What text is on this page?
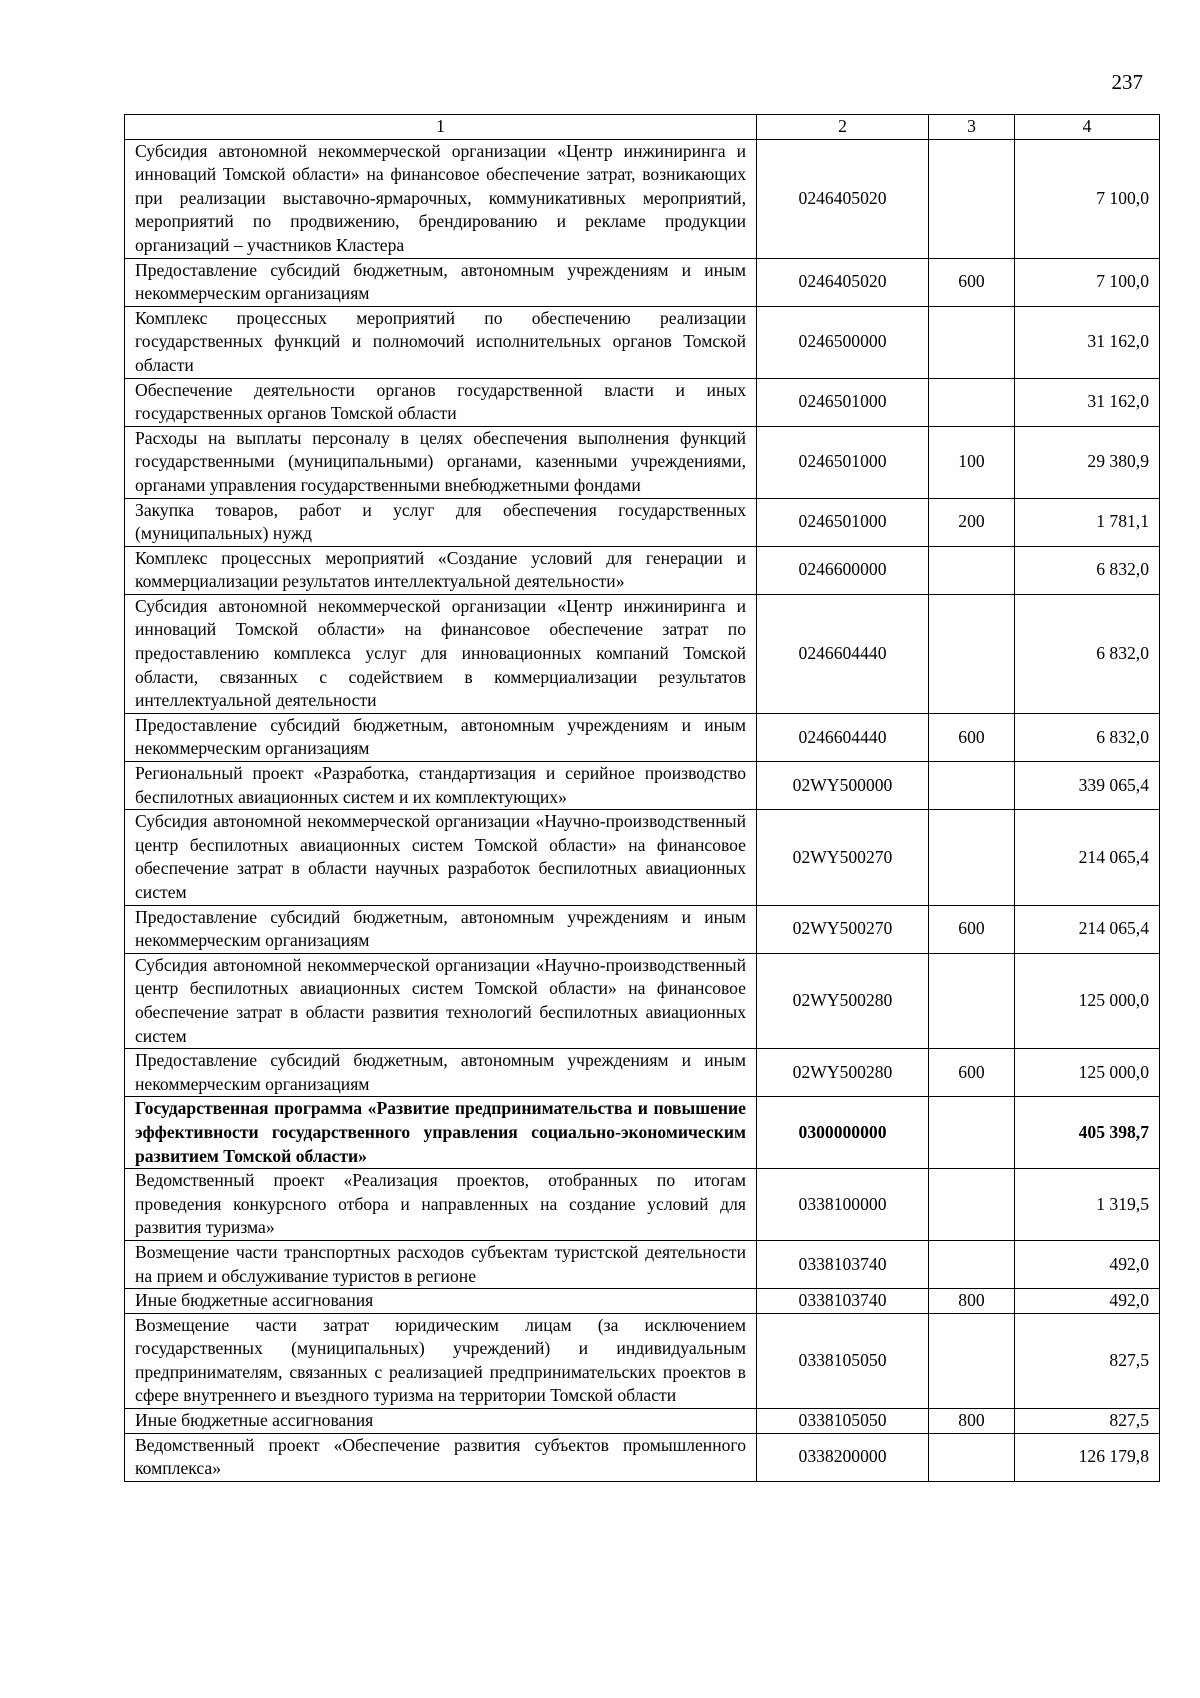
237
1	2	3	4
Субсидия автономной некоммерческой организации «Центр инжиниринга и инноваций Томской области» на финансовое обеспечение затрат, возникающих при реализации выставочно-ярмарочных, коммуникативных мероприятий, мероприятий по продвижению, брендированию и рекламе продукции организаций – участников Кластера	0246405020		7 100,0
Предоставление субсидий бюджетным, автономным учреждениям и иным некоммерческим организациям	0246405020	600	7 100,0
Комплекс процессных мероприятий по обеспечению реализации государственных функций и полномочий исполнительных органов Томской области	0246500000		31 162,0
Обеспечение деятельности органов государственной власти и иных государственных органов Томской области	0246501000		31 162,0
Расходы на выплаты персоналу в целях обеспечения выполнения функций государственными (муниципальными) органами, казенными учреждениями, органами управления государственными внебюджетными фондами	0246501000	100	29 380,9
Закупка товаров, работ и услуг для обеспечения государственных (муниципальных) нужд	0246501000	200	1 781,1
Комплекс процессных мероприятий «Создание условий для генерации и коммерциализации результатов интеллектуальной деятельности»	0246600000		6 832,0
Субсидия автономной некоммерческой организации «Центр инжиниринга и инноваций Томской области» на финансовое обеспечение затрат по предоставлению комплекса услуг для инновационных компаний Томской области, связанных с содействием в коммерциализации результатов интеллектуальной деятельности	0246604440		6 832,0
Предоставление субсидий бюджетным, автономным учреждениям и иным некоммерческим организациям	0246604440	600	6 832,0
Региональный проект «Разработка, стандартизация и серийное производство беспилотных авиационных систем и их комплектующих»	02WY500000		339 065,4
Субсидия автономной некоммерческой организации «Научно-производственный центр беспилотных авиационных систем Томской области» на финансовое обеспечение затрат в области научных разработок беспилотных авиационных систем	02WY500270		214 065,4
Предоставление субсидий бюджетным, автономным учреждениям и иным некоммерческим организациям	02WY500270	600	214 065,4
Субсидия автономной некоммерческой организации «Научно-производственный центр беспилотных авиационных систем Томской области» на финансовое обеспечение затрат в области развития технологий беспилотных авиационных систем	02WY500280		125 000,0
Предоставление субсидий бюджетным, автономным учреждениям и иным некоммерческим организациям	02WY500280	600	125 000,0
Государственная программа «Развитие предпринимательства и повышение эффективности государственного управления социально-экономическим развитием Томской области»	0300000000		405 398,7
Ведомственный проект «Реализация проектов, отобранных по итогам проведения конкурсного отбора и направленных на создание условий для развития туризма»	0338100000		1 319,5
Возмещение части транспортных расходов субъектам туристской деятельности на прием и обслуживание туристов в регионе	0338103740		492,0
Иные бюджетные ассигнования	0338103740	800	492,0
Возмещение части затрат юридическим лицам (за исключением государственных (муниципальных) учреждений) и индивидуальным предпринимателям, связанных с реализацией предпринимательских проектов в сфере внутреннего и въездного туризма на территории Томской области	0338105050		827,5
Иные бюджетные ассигнования	0338105050	800	827,5
Ведомственный проект «Обеспечение развития субъектов промышленного комплекса»	0338200000		126 179,8
